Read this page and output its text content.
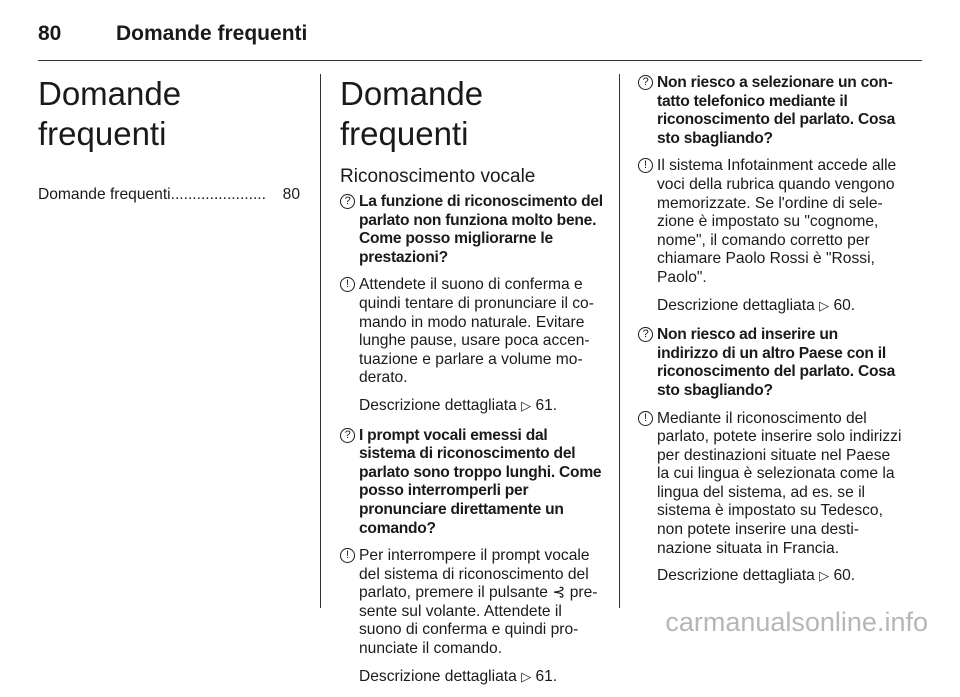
80	Domande frequenti
Domande frequenti
Domande frequenti ......................	80
Domande frequenti
Riconoscimento vocale
? La funzione di riconoscimento del parlato non funziona molto bene. Come posso migliorarne le prestazioni?
! Attendete il suono di conferma e quindi tentare di pronunciare il comando in modo naturale. Evitare lunghe pause, usare poca accentuazione e parlare a volume moderato.
Descrizione dettagliata ▷ 61.
? I prompt vocali emessi dal sistema di riconoscimento del parlato sono troppo lunghi. Come posso interromperli per pronunciare direttamente un comando?
! Per interrompere il prompt vocale del sistema di riconoscimento del parlato, premere il pulsante ⊰ presente sul volante. Attendete il suono di conferma e quindi pronunciate il comando.
Descrizione dettagliata ▷ 61.
? Non riesco a selezionare un contatto telefonico mediante il riconoscimento del parlato. Cosa sto sbagliando?
! Il sistema Infotainment accede alle voci della rubrica quando vengono memorizzate. Se l'ordine di selezione è impostato su "cognome, nome", il comando corretto per chiamare Paolo Rossi è "Rossi, Paolo".
Descrizione dettagliata ▷ 60.
? Non riesco ad inserire un indirizzo di un altro Paese con il riconoscimento del parlato. Cosa sto sbagliando?
! Mediante il riconoscimento del parlato, potete inserire solo indirizzi per destinazioni situate nel Paese la cui lingua è selezionata come la lingua del sistema, ad es. se il sistema è impostato su Tedesco, non potete inserire una destinazione situata in Francia.
Descrizione dettagliata ▷ 60.
carmanualsonline.info
